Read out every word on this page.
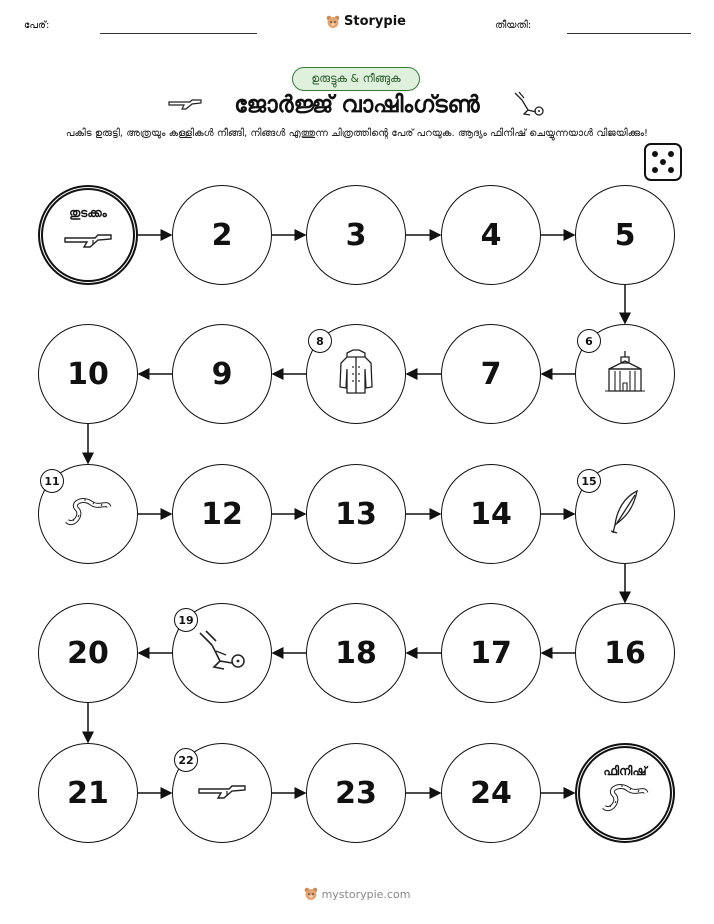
പേര്:	Storypie	തീയതി:
ഉരുട്ടുക & നീങ്ങുക
ജോർജ്ജ് വാഷിംഗ്ടൺ
പകിട ഉരുട്ടി, അത്രയും കള്ളികൾ നീങ്ങി, നിങ്ങൾ എത്തുന്ന ചിത്രത്തിന്റെ പേര് പറയുക. ആദ്യം ഫിനിഷ് ചെയ്യുന്നയാൾ വിജയിക്കും!
തുടക്കം
2	3	4	5
6
7
8
9
10
11
12	13	14
15
16
17
18
19
20
21
22
23	24
ഫിനിഷ്
mystorypie.com
